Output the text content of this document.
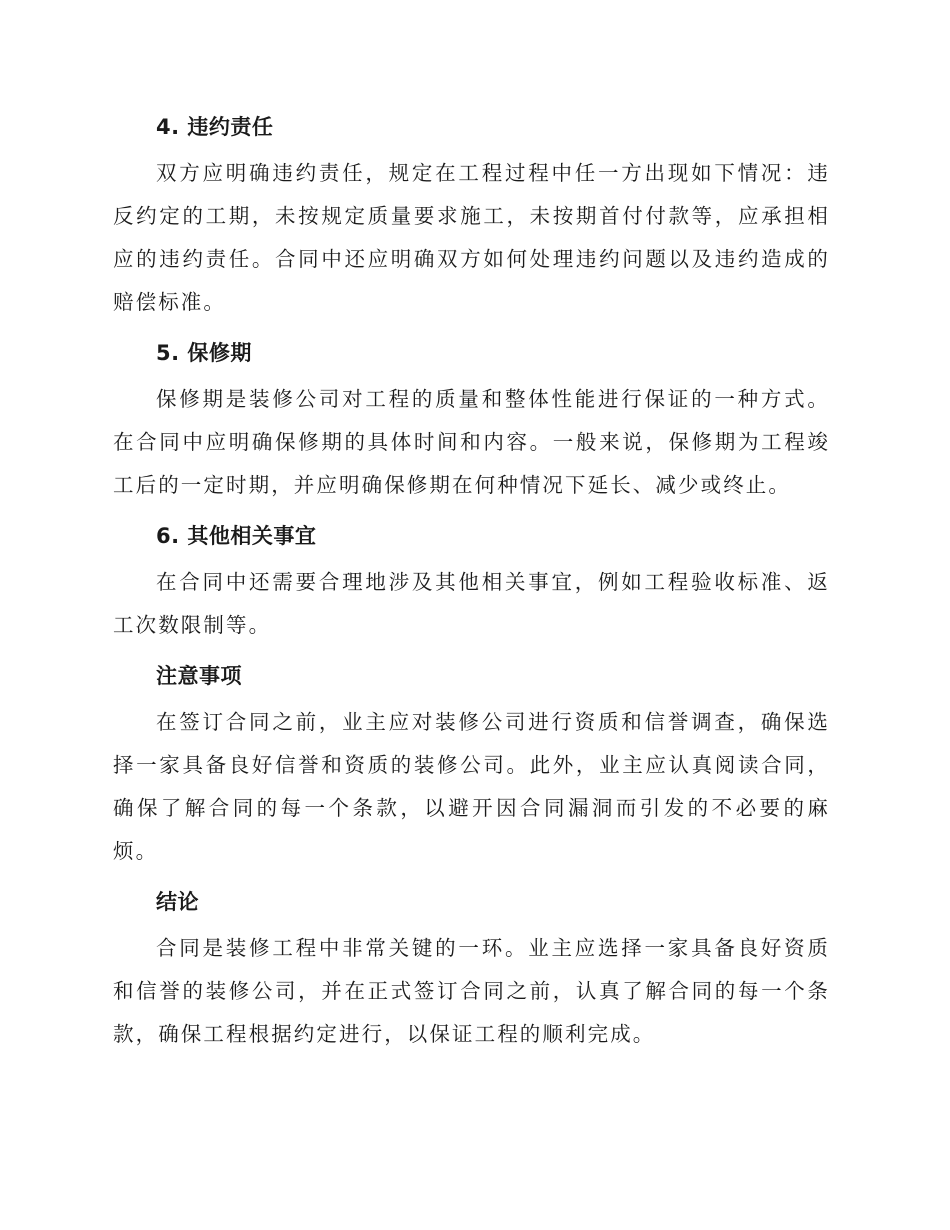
4. 违约责任

双方应明确违约责任，规定在工程过程中任一方出现如下情况：违反约定的工期，未按规定质量要求施工，未按期首付付款等，应承担相应的违约责任。合同中还应明确双方如何处理违约问题以及违约造成的赔偿标准。

5. 保修期

保修期是装修公司对工程的质量和整体性能进行保证的一种方式。在合同中应明确保修期的具体时间和内容。一般来说，保修期为工程竣工后的一定时期，并应明确保修期在何种情况下延长、减少或终止。

6. 其他相关事宜

在合同中还需要合理地涉及其他相关事宜，例如工程验收标准、返工次数限制等。

注意事项

在签订合同之前，业主应对装修公司进行资质和信誉调查，确保选择一家具备良好信誉和资质的装修公司。此外，业主应认真阅读合同，确保了解合同的每一个条款，以避开因合同漏洞而引发的不必要的麻烦。

结论

合同是装修工程中非常关键的一环。业主应选择一家具备良好资质和信誉的装修公司，并在正式签订合同之前，认真了解合同的每一个条款，确保工程根据约定进行，以保证工程的顺利完成。
